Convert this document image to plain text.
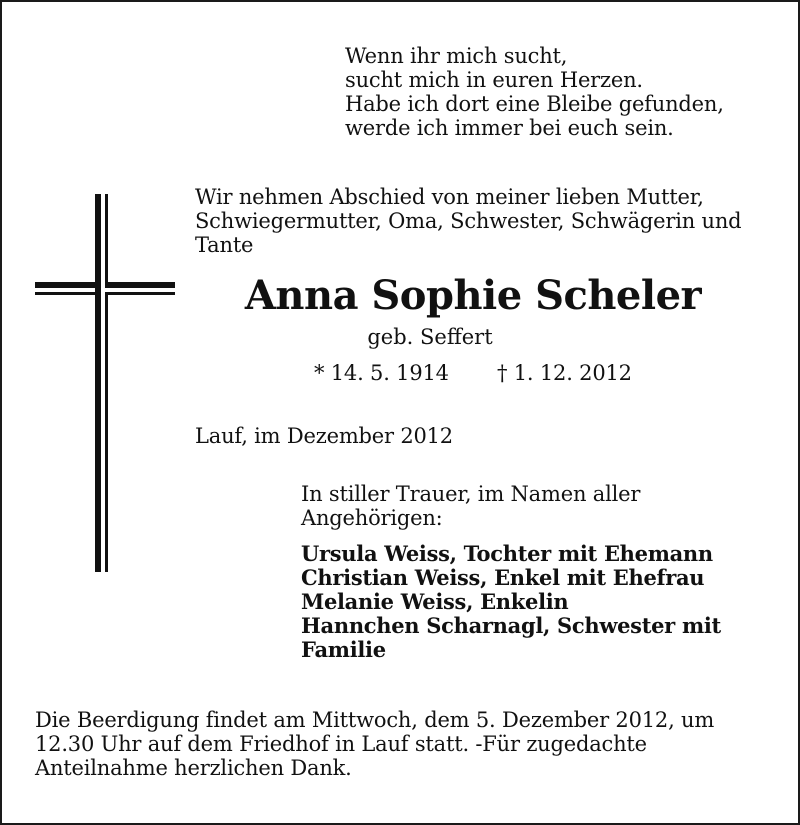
Wenn ihr mich sucht,
sucht mich in euren Herzen.
Habe ich dort eine Bleibe gefunden,
werde ich immer bei euch sein.
Wir nehmen Abschied von meiner lieben Mutter,
Schwiegermutter, Oma, Schwester, Schwägerin und
Tante
Anna Sophie Scheler
geb. Seffert
* 14. 5. 1914 † 1. 12. 2012
Lauf, im Dezember 2012
In stiller Trauer, im Namen aller
Angehörigen:
Ursula Weiss, Tochter mit Ehemann
Christian Weiss, Enkel mit Ehefrau
Melanie Weiss, Enkelin
Hannchen Scharnagl, Schwester mit
Familie
Die Beerdigung findet am Mittwoch, dem 5. Dezember 2012, um
12.30 Uhr auf dem Friedhof in Lauf statt. -Für zugedachte
Anteilnahme herzlichen Dank.
